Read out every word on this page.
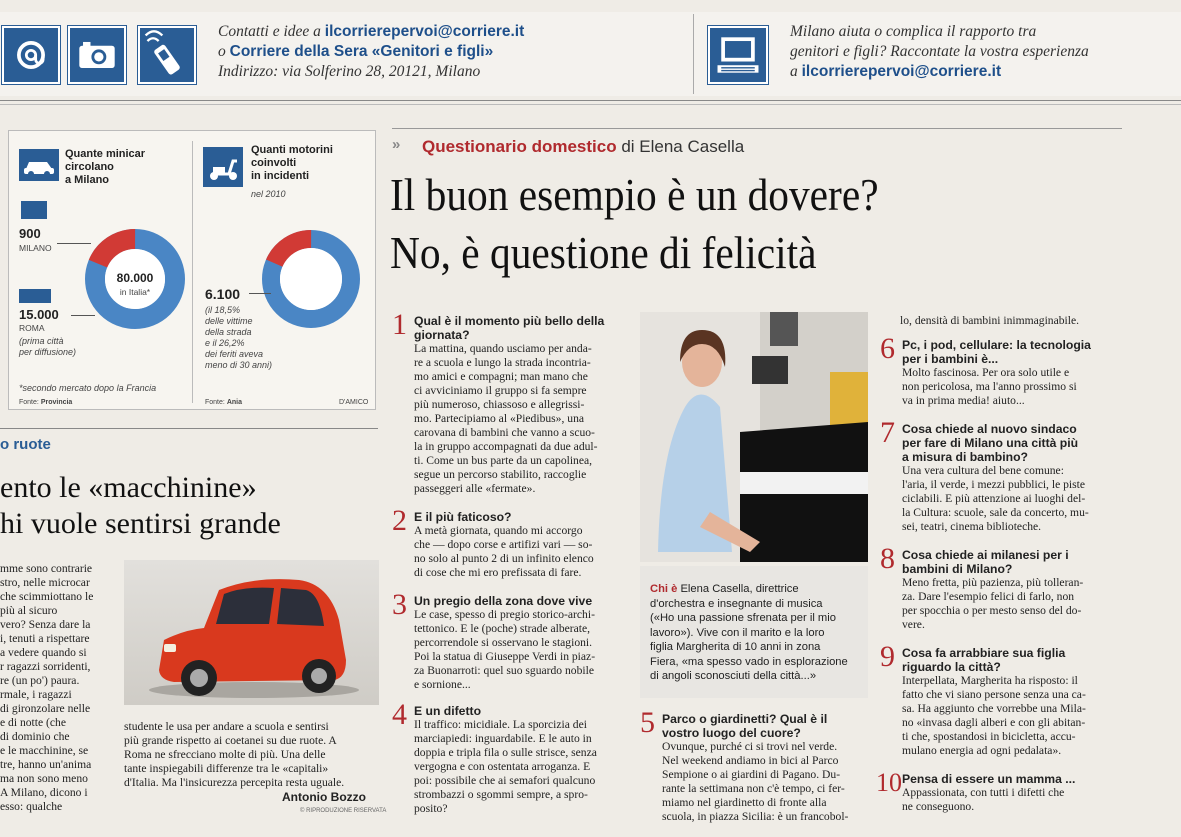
Contatti e idee a ilcorrierepervoi@corriere.it
o Corriere della Sera «Genitori e figli»
Indirizzo: via Solferino 28, 20121, Milano
Milano aiuta o complica il rapporto tra
genitori e figli? Raccontate la vostra esperienza
a ilcorrierepervoi@corriere.it
Quante minicar
circolano
a Milano
900
MILANO
15.000
ROMA
(prima città
per diffusione)
80.000
in Italia*
*secondo mercato dopo la Francia
Fonte: Provincia
Quanti motorini
coinvolti
in incidenti
nel 2010
6.100
(il 18,5%
delle vittime
della strada
e il 26,2%
dei feriti aveva
meno di 30 anni)
Fonte: Aniа	D'AMICO
o ruote
ento le «macchinine»
hi vuole sentirsi grande
mme sono contrarie
stro, nelle microcar
che scimmiottano le
più al sicuro
vero? Senza dare la
i, tenuti a rispettare
a vedere quando si
r ragazzi sorridenti,
re (un po') paura.
rmale, i ragazzi
di gironzolare nelle
e di notte (che
di dominio che
e le macchinine, se
tre, hanno un'anima
ma non sono meno
A Milano, dicono i
esso: qualche
studente le usa per andare a scuola e sentirsi
più grande rispetto ai coetanei su due ruote. A
Roma ne sfrecciano molte di più. Una delle
tante inspiegabili differenze tra le «capitali»
d'Italia. Ma l'insicurezza percepita resta uguale.
Antonio Bozzo
© RIPRODUZIONE RISERVATA
» Questionario domestico di Elena Casella
Il buon esempio è un dovere?
No, è questione di felicità
1 Qual è il momento più bello della
giornata?
La mattina, quando usciamo per anda-
re a scuola e lungo la strada incontria-
mo amici e compagni; man mano che
ci avviciniamo il gruppo si fa sempre
più numeroso, chiassoso e allegrissi-
mo. Partecipiamo al «Piedibus», una
carovana di bambini che vanno a scuo-
la in gruppo accompagnati da due adul-
ti. Come un bus parte da un capolinea,
segue un percorso stabilito, raccoglie
passeggeri alle «fermate».
2 E il più faticoso?
A metà giornata, quando mi accorgo
che — dopo corse e artifizi vari — so-
no solo al punto 2 di un infinito elenco
di cose che mi ero prefissata di fare.
3 Un pregio della zona dove vive
Le case, spesso di pregio storico-archi-
tettonico. E le (poche) strade alberate,
percorrendole si osservano le stagioni.
Poi la statua di Giuseppe Verdi in piaz-
za Buonarroti: quel suo sguardo nobile
e sornione...
4 E un difetto
Il traffico: micidiale. La sporcizia dei
marciapiedi: inguardabile. E le auto in
doppia e tripla fila o sulle strisce, senza
vergogna e con ostentata arroganza. E
poi: possibile che ai semafori qualcuno
strombazzi o sgommi sempre, a spro-
posito?
Chi è Elena Casella, direttrice
d'orchestra e insegnante di musica
(«Ho una passione sfrenata per il mio
lavoro»). Vive con il marito e la loro
figlia Margherita di 10 anni in zona
Fiera, «ma spesso vado in esplorazione
di angoli sconosciuti della città...»
5 Parco o giardinetti? Qual è il
vostro luogo del cuore?
Ovunque, purché ci si trovi nel verde.
Nel weekend andiamo in bici al Parco
Sempione o ai giardini di Pagano. Du-
rante la settimana non c'è tempo, ci fer-
miamo nel giardinetto di fronte alla
scuola, in piazza Sicilia: è un francobol-
lo, densità di bambini inimmaginabile.
6 Pc, i pod, cellulare: la tecnologia
per i bambini è...
Molto fascinosa. Per ora solo utile e
non pericolosa, ma l'anno prossimo si
va in prima media! aiuto...
7 Cosa chiede al nuovo sindaco
per fare di Milano una città più
a misura di bambino?
Una vera cultura del bene comune:
l'aria, il verde, i mezzi pubblici, le piste
ciclabili. E più attenzione ai luoghi del-
la Cultura: scuole, sale da concerto, mu-
sei, teatri, cinema biblioteche.
8 Cosa chiede ai milanesi per i
bambini di Milano?
Meno fretta, più pazienza, più tolleran-
za. Dare l'esempio felici di farlo, non
per spocchia o per mesto senso del do-
vere.
9 Cosa fa arrabbiare sua figlia
riguardo la città?
Interpellata, Margherita ha risposto: il
fatto che vi siano persone senza una ca-
sa. Ha aggiunto che vorrebbe una Mila-
no «invasa dagli alberi e con gli abitan-
ti che, spostandosi in bicicletta, accu-
mulano energia ad ogni pedalata».
10 Pensa di essere un mamma ...
Appassionata, con tutti i difetti che
ne conseguono.
